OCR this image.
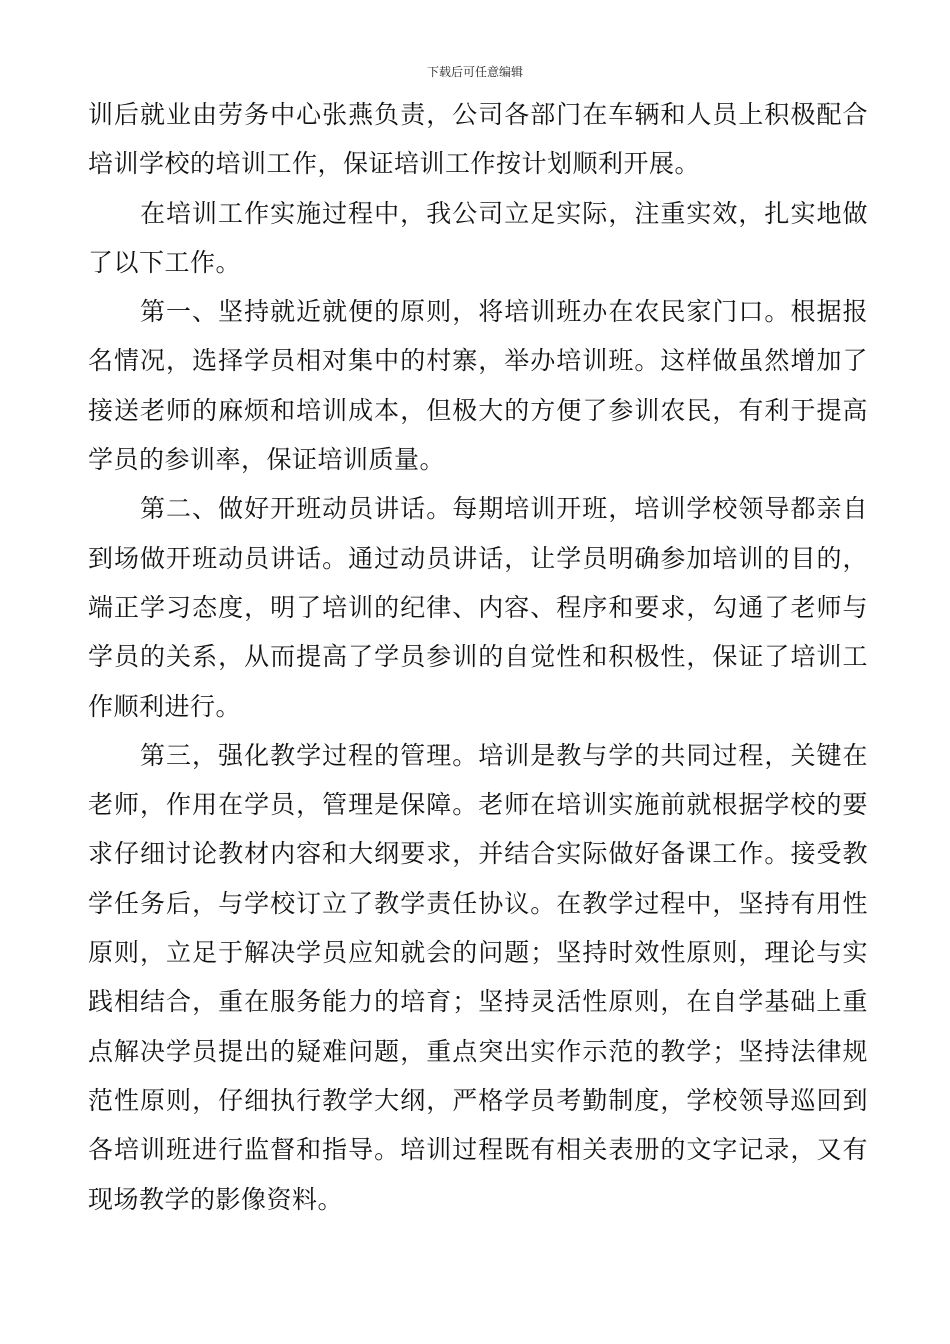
下载后可任意编辑
训后就业由劳务中心张燕负责，公司各部门在车辆和人员上积极配合
培训学校的培训工作，保证培训工作按计划顺利开展。
在培训工作实施过程中，我公司立足实际，注重实效，扎实地做
了以下工作。
第一、坚持就近就便的原则，将培训班办在农民家门口。根据报
名情况，选择学员相对集中的村寨，举办培训班。这样做虽然增加了
接送老师的麻烦和培训成本，但极大的方便了参训农民，有利于提高
学员的参训率，保证培训质量。
第二、做好开班动员讲话。每期培训开班，培训学校领导都亲自
到场做开班动员讲话。通过动员讲话，让学员明确参加培训的目的，
端正学习态度，明了培训的纪律、内容、程序和要求，勾通了老师与
学员的关系，从而提高了学员参训的自觉性和积极性，保证了培训工
作顺利进行。
第三，强化教学过程的管理。培训是教与学的共同过程，关键在
老师，作用在学员，管理是保障。老师在培训实施前就根据学校的要
求仔细讨论教材内容和大纲要求，并结合实际做好备课工作。接受教
学任务后，与学校订立了教学责任协议。在教学过程中，坚持有用性
原则，立足于解决学员应知就会的问题；坚持时效性原则，理论与实
践相结合，重在服务能力的培育；坚持灵活性原则，在自学基础上重
点解决学员提出的疑难问题，重点突出实作示范的教学；坚持法律规
范性原则，仔细执行教学大纲，严格学员考勤制度，学校领导巡回到
各培训班进行监督和指导。培训过程既有相关表册的文字记录，又有
现场教学的影像资料。
